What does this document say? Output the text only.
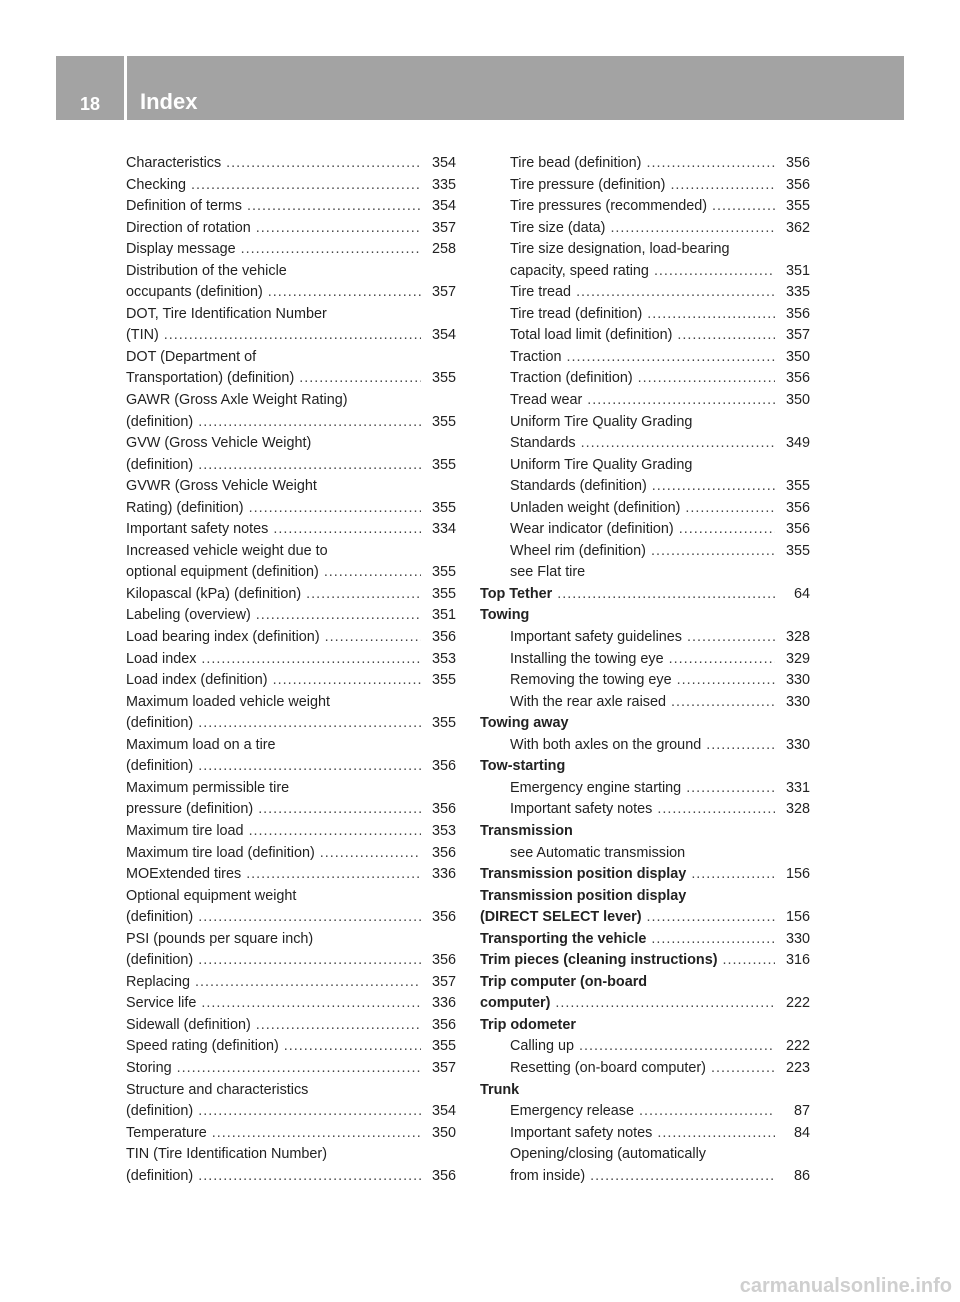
18	Index
Characteristics .....	354
Checking .....	335
Definition of terms .....	354
Direction of rotation .....	357
Display message .....	258
Distribution of the vehicle
occupants (definition) .....	357
DOT, Tire Identification Number
(TIN) .....	354
DOT (Department of
Transportation) (definition) .....	355
GAWR (Gross Axle Weight Rating)
(definition) .....	355
GVW (Gross Vehicle Weight)
(definition) .....	355
GVWR (Gross Vehicle Weight
Rating) (definition) .....	355
Important safety notes .....	334
Increased vehicle weight due to
optional equipment (definition) .....	355
Kilopascal (kPa) (definition) .....	355
Labeling (overview) .....	351
Load bearing index (definition) .....	356
Load index .....	353
Load index (definition) .....	355
Maximum loaded vehicle weight
(definition) .....	355
Maximum load on a tire
(definition) .....	356
Maximum permissible tire
pressure (definition) .....	356
Maximum tire load .....	353
Maximum tire load (definition) .....	356
MOExtended tires .....	336
Optional equipment weight
(definition) .....	356
PSI (pounds per square inch)
(definition) .....	356
Replacing .....	357
Service life .....	336
Sidewall (definition) .....	356
Speed rating (definition) .....	355
Storing .....	357
Structure and characteristics
(definition) .....	354
Temperature .....	350
TIN (Tire Identification Number)
(definition) .....	356
Tire bead (definition) .....	356
Tire pressure (definition) .....	356
Tire pressures (recommended) .....	355
Tire size (data) .....	362
Tire size designation, load-bearing
capacity, speed rating .....	351
Tire tread .....	335
Tire tread (definition) .....	356
Total load limit (definition) .....	357
Traction .....	350
Traction (definition) .....	356
Tread wear .....	350
Uniform Tire Quality Grading
Standards .....	349
Uniform Tire Quality Grading
Standards (definition) .....	355
Unladen weight (definition) .....	356
Wear indicator (definition) .....	356
Wheel rim (definition) .....	355
see Flat tire
Top Tether .....	64
Towing
Important safety guidelines .....	328
Installing the towing eye .....	329
Removing the towing eye .....	330
With the rear axle raised .....	330
Towing away
With both axles on the ground .....	330
Tow-starting
Emergency engine starting .....	331
Important safety notes .....	328
Transmission
see Automatic transmission
Transmission position display .....	156
Transmission position display
(DIRECT SELECT lever) .....	156
Transporting the vehicle .....	330
Trim pieces (cleaning instructions) .....	316
Trip computer (on-board
computer) .....	222
Trip odometer
Calling up .....	222
Resetting (on-board computer) .....	223
Trunk
Emergency release .....	87
Important safety notes .....	84
Opening/closing (automatically
from inside) .....	86
carmanualsonline.info
